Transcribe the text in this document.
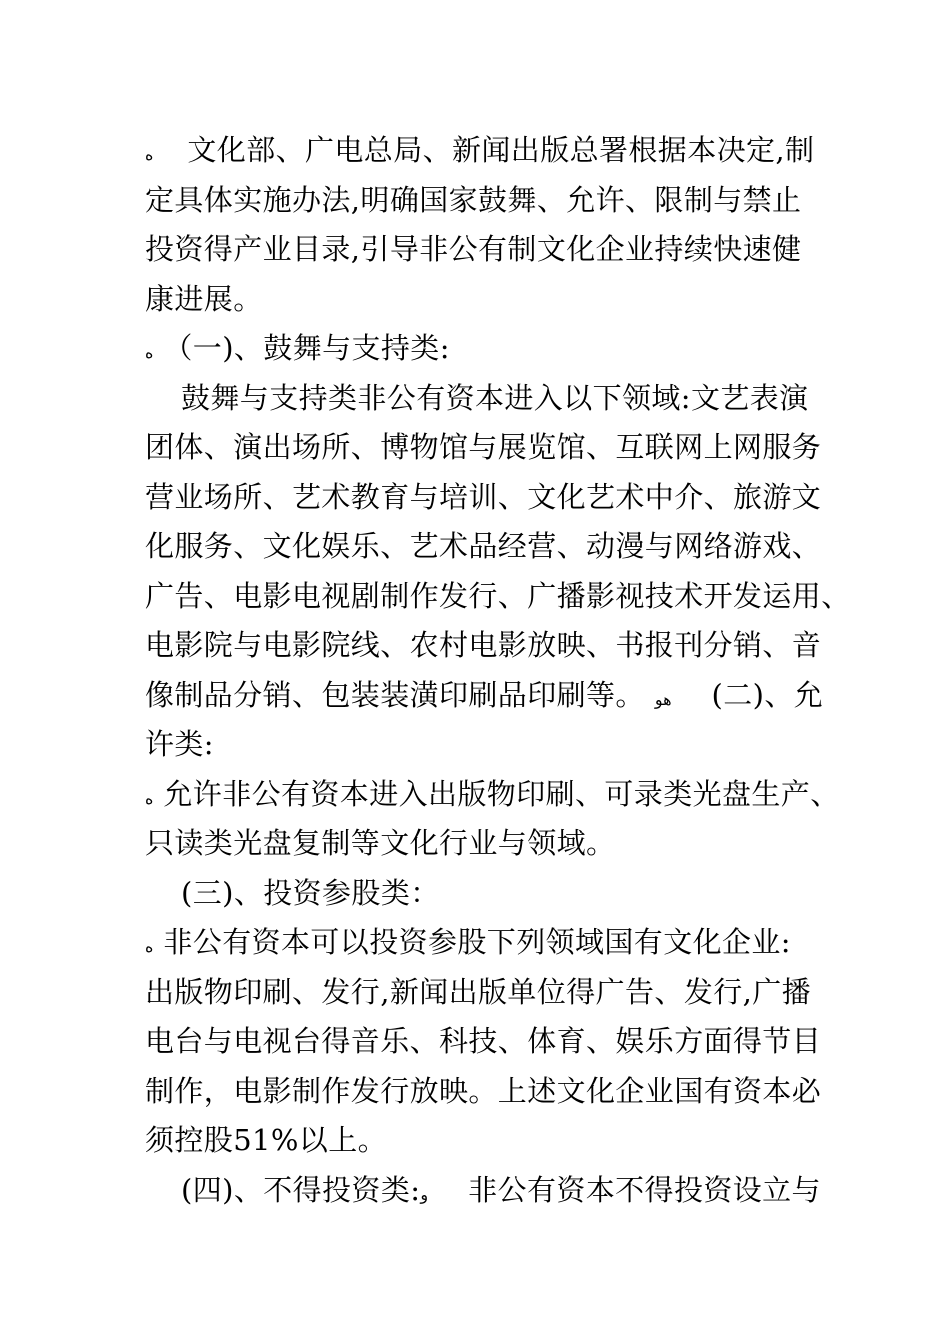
ه 文化部、广电总局、新闻出版总署根据本决定,制
定具体实施办法,明确国家鼓舞、允许、限制与禁止
投资得产业目录,引导非公有制文化企业持续快速健
康进展。
ه （一)、鼓舞与支持类:
鼓舞与支持类非公有资本进入以下领域:文艺表演
团体、演出场所、博物馆与展览馆、互联网上网服务
营业场所、艺术教育与培训、文化艺术中介、旅游文
化服务、文化娱乐、艺术品经营、动漫与网络游戏、
广告、电影电视剧制作发行、广播影视技术开发运用、
电影院与电影院线、农村电影放映、书报刊分销、音
像制品分销、包装装潢印刷品印刷等。 هو (二)、允
许类:
ه 允许非公有资本进入出版物印刷、可录类光盘生产、
只读类光盘复制等文化行业与领域。
(三)、投资参股类：
ه 非公有资本可以投资参股下列领域国有文化企业:
出版物印刷、发行,新闻出版单位得广告、发行,广播
电台与电视台得音乐、科技、体育、娱乐方面得节目
制作，电影制作发行放映。上述文化企业国有资本必
须控股51%以上。
(四)、不得投资类:و 非公有资本不得投资设立与
